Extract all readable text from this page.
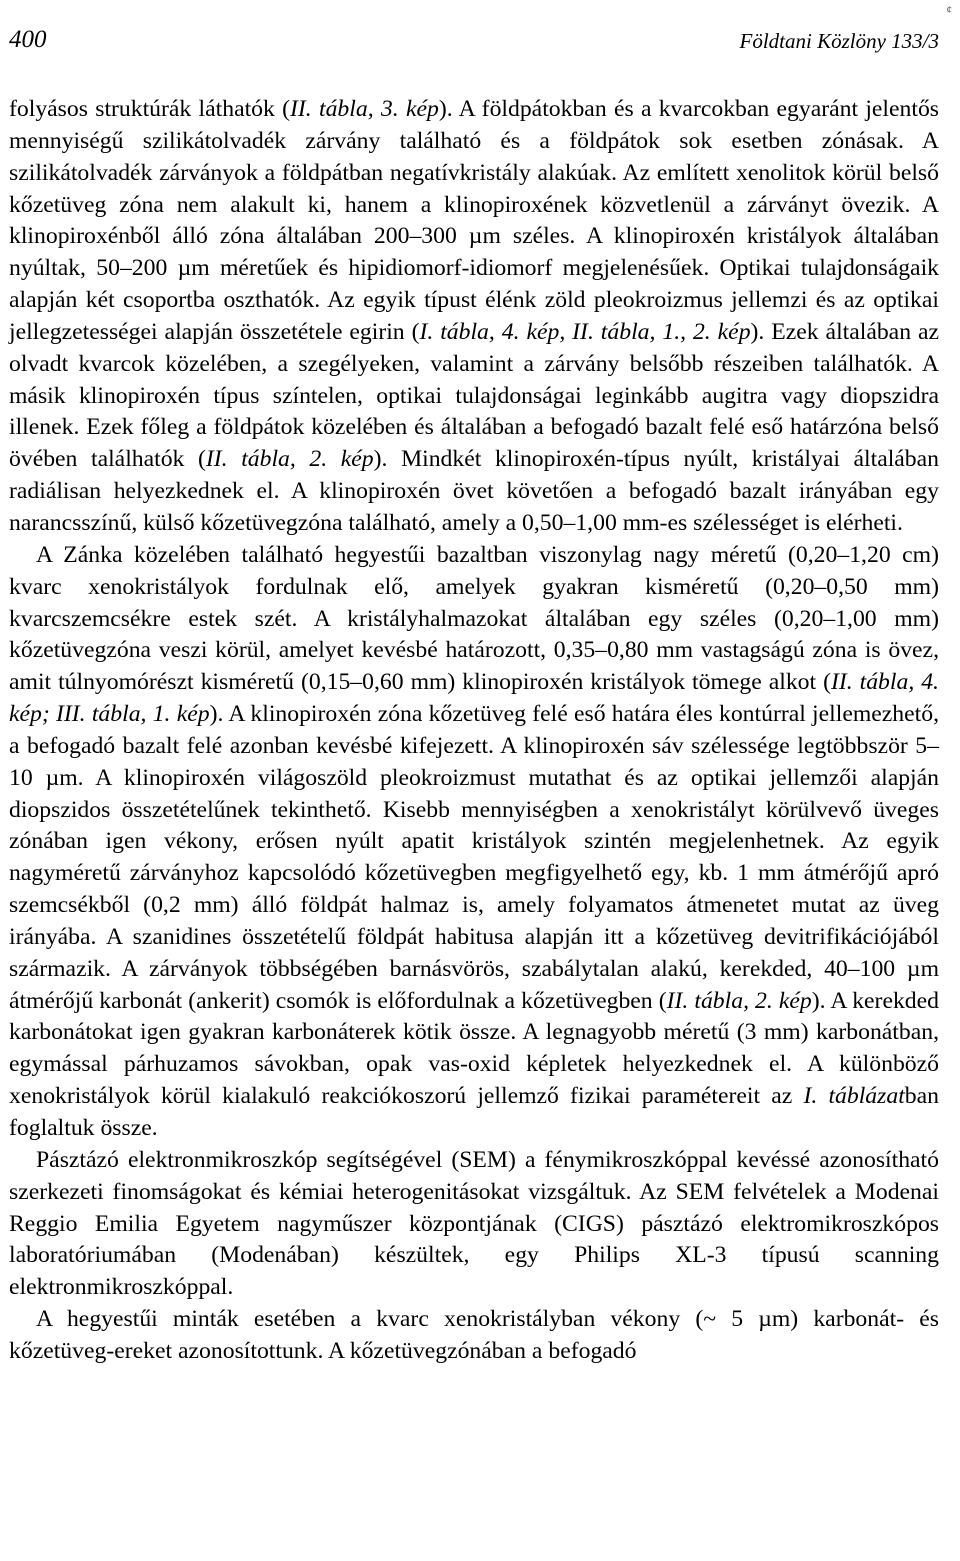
¢
400	Földtani Közlöny 133/3

folyásos struktúrák láthatók (II. tábla, 3. kép). A földpátokban és a kvarcokban egyaránt jelentős mennyiségű szilikátolvadék zárvány található és a földpátok sok esetben zónásak. A szilikátolvadék zárványok a földpátban negatívkristály alakúak. Az említett xenolitok körül belső kőzetüveg zóna nem alakult ki, hanem a klinopiroxének közvetlenül a zárványt övezik. A klinopiroxénből álló zóna általában 200–300 µm széles. A klinopiroxén kristályok általában nyúltak, 50–200 µm méretűek és hipidiomorf-idiomorf megjelenésűek. Optikai tulajdonságaik alapján két csoportba oszthatók. Az egyik típust élénk zöld pleokroizmus jellemzi és az optikai jellegzetességei alapján összetétele egirin (I. tábla, 4. kép, II. tábla, 1., 2. kép). Ezek általában az olvadt kvarcok közelében, a szegélyeken, valamint a zárvány belsőbb részeiben találhatók. A másik klinopiroxén típus színtelen, optikai tulajdonságai leginkább augitra vagy diopszidra illenek. Ezek főleg a földpátok közelében és általában a befogadó bazalt felé eső határzóna belső övében találhatók (II. tábla, 2. kép). Mindkét klinopiroxén-típus nyúlt, kristályai általában radiálisan helyezkednek el. A klinopiroxén övet követően a befogadó bazalt irányában egy narancsszínű, külső kőzetüvegzóna található, amely a 0,50–1,00 mm-es szélességet is elérheti.

A Zánka közelében található hegyestűi bazaltban viszonylag nagy méretű (0,20–1,20 cm) kvarc xenokristályok fordulnak elő, amelyek gyakran kisméretű (0,20–0,50 mm) kvarcszemcsékre estek szét. A kristályhalmazokat általában egy széles (0,20–1,00 mm) kőzetüvegzóna veszi körül, amelyet kevésbé határozott, 0,35–0,80 mm vastagságú zóna is övez, amit túlnyomórészt kisméretű (0,15–0,60 mm) klinopiroxén kristályok tömege alkot (II. tábla, 4. kép; III. tábla, 1. kép). A klinopiroxén zóna kőzetüveg felé eső határa éles kontúrral jellemezhető, a befogadó bazalt felé azonban kevésbé kifejezett. A klinopiroxén sáv szélessége legtöbbször 5–10 µm. A klinopiroxén világoszöld pleokroizmust mutathat és az optikai jellemzői alapján diopszidos összetételűnek tekinthető. Kisebb mennyiségben a xenokristályt körülvevő üveges zónában igen vékony, erősen nyúlt apatit kristályok szintén megjelenhetnek. Az egyik nagyméretű zárványhoz kapcsolódó kőzetüvegben megfigyelhető egy, kb. 1 mm átmérőjű apró szemcsékből (0,2 mm) álló földpát halmaz is, amely folyamatos átmenetet mutat az üveg irányába. A szanidines összetételű földpát habitusa alapján itt a kőzetüveg devitrifikációjából származik. A zárványok többségében barnásvörös, szabálytalan alakú, kerekded, 40–100 µm átmérőjű karbonát (ankerit) csomók is előfordulnak a kőzetüvegben (II. tábla, 2. kép). A kerekded karbonátokat igen gyakran karbonáterek kötik össze. A legnagyobb méretű (3 mm) karbonátban, egymással párhuzamos sávokban, opak vas-oxid képletek helyezkednek el. A különböző xenokristályok körül kialakuló reakciókoszorú jellemző fizikai paramétereit az I. táblázatban foglaltuk össze.

Pásztázó elektronmikroszkóp segítségével (SEM) a fénymikroszkóppal kevéssé azonosítható szerkezeti finomságokat és kémiai heterogenitásokat vizsgáltuk. Az SEM felvételek a Modenai Reggio Emilia Egyetem nagyműszer központjának (CIGS) pásztázó elektromikroszkópos laboratóriumában (Modenában) készültek, egy Philips XL-3 típusú scanning elektronmikroszkóppal.

A hegyestűi minták esetében a kvarc xenokristályban vékony (~ 5 µm) karbonát- és kőzetüveg-ereket azonosítottunk. A kőzetüvegzónában a befogadó
